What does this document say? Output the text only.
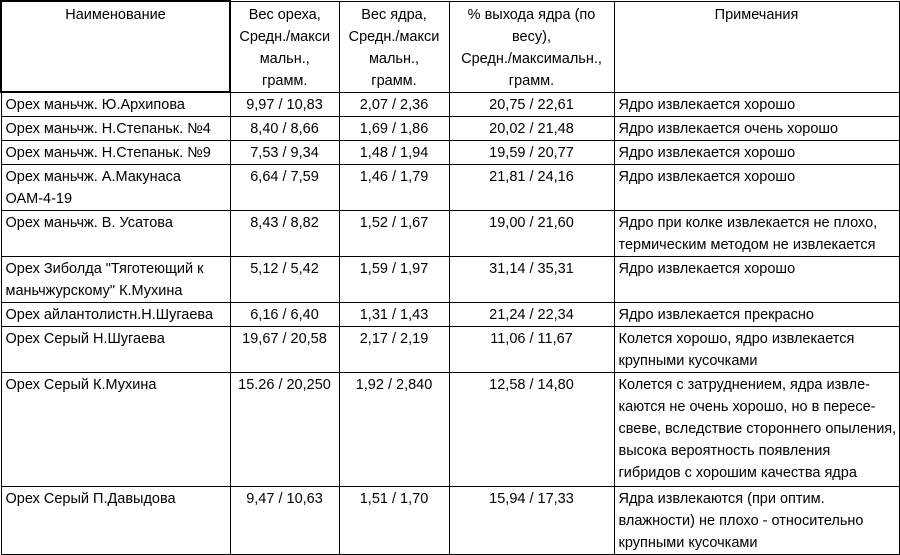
Наименование	Вес ореха,
Средн./макси
мальн.,
грамм.	Вес ядра,
Средн./макси
мальн.,
грамм.	% выхода ядра (по
весу),
Средн./максимальн.,
грамм.	Примечания

Орех маньчж. Ю.Архипова	9,97 / 10,83	2,07 / 2,36	20,75 / 22,61	Ядро извлекается хорошо

Орех маньчж. Н.Степаньк. №4	8,40 / 8,66	1,69 / 1,86	20,02 / 21,48	Ядро извлекается очень хорошо

Орех маньчж. Н.Степаньк. №9	7,53 / 9,34	1,48 / 1,94	19,59 / 20,77	Ядро извлекается хорошо

Орех маньчж. А.Макунаса
ОАМ-4-19	6,64 / 7,59	1,46 / 1,79	21,81 / 24,16	Ядро извлекается хорошо

Орех маньчж. В. Усатова	8,43 / 8,82	1,52 / 1,67	19,00 / 21,60	Ядро при колке извлекается не плохо,
термическим методом не извлекается

Орех Зиболда "Тяготеющий к
маньчжурскому" К.Мухина	5,12 / 5,42	1,59 / 1,97	31,14 / 35,31	Ядро извлекается хорошо

Орех айлантолистн.Н.Шугаева	6,16 / 6,40	1,31 / 1,43	21,24 / 22,34	Ядро извлекается прекрасно

Орех Серый Н.Шугаева	19,67 / 20,58	2,17 / 2,19	11,06 / 11,67	Колется хорошо, ядро извлекается
крупными кусочками

Орех Серый К.Мухина	15.26 / 20,250	1,92 / 2,840	12,58 / 14,80	Колется с затруднением, ядра извле-
каются не очень хорошо, но в пересе-
свеве, вследствие стороннего опыления,
высока вероятность появления
гибридов с хорошим качества ядра

Орех Серый П.Давыдова	9,47 / 10,63	1,51 / 1,70	15,94 / 17,33	Ядра извлекаются (при оптим.
влажности) не плохо - относительно
крупными кусочками
